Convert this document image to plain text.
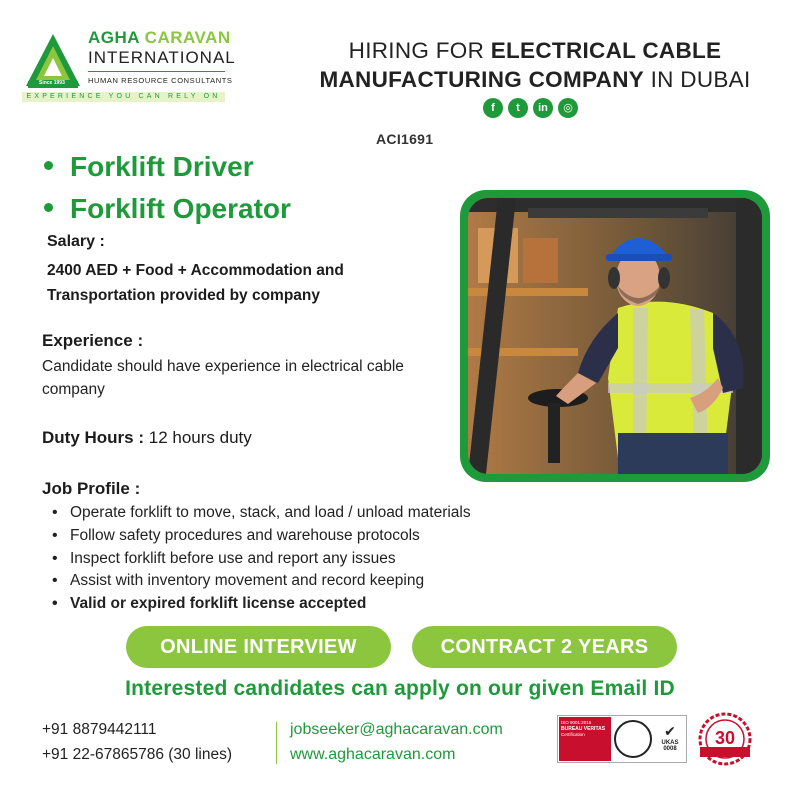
Since 1993
AGHA CARAVAN
INTERNATIONAL
HUMAN RESOURCE CONSULTANTS
EXPERIENCE YOU CAN RELY ON
HIRING FOR ELECTRICAL CABLE MANUFACTURING COMPANY IN DUBAI
f	t	in	◎
ACI1691
Forklift Driver
Forklift Operator
Salary :
2400 AED + Food + Accommodation and Transportation provided by company
Experience :
Candidate should have experience in electrical cable company
Duty Hours : 12 hours duty
Job Profile :
• Operate forklift to move, stack, and load / unload materials
• Follow safety procedures and warehouse protocols
• Inspect forklift before use and report any issues
• Assist with inventory movement and record keeping
• Valid or expired forklift license accepted
ONLINE INTERVIEW	CONTRACT 2 YEARS
Interested candidates can apply on our given Email ID
+91 8879442111
+91 22-67865786 (30 lines)
jobseeker@aghacaravan.com
www.aghacaravan.com
ISO 9001:2015
BUREAU VERITAS
Certification	✔
UKAS
0008
30
